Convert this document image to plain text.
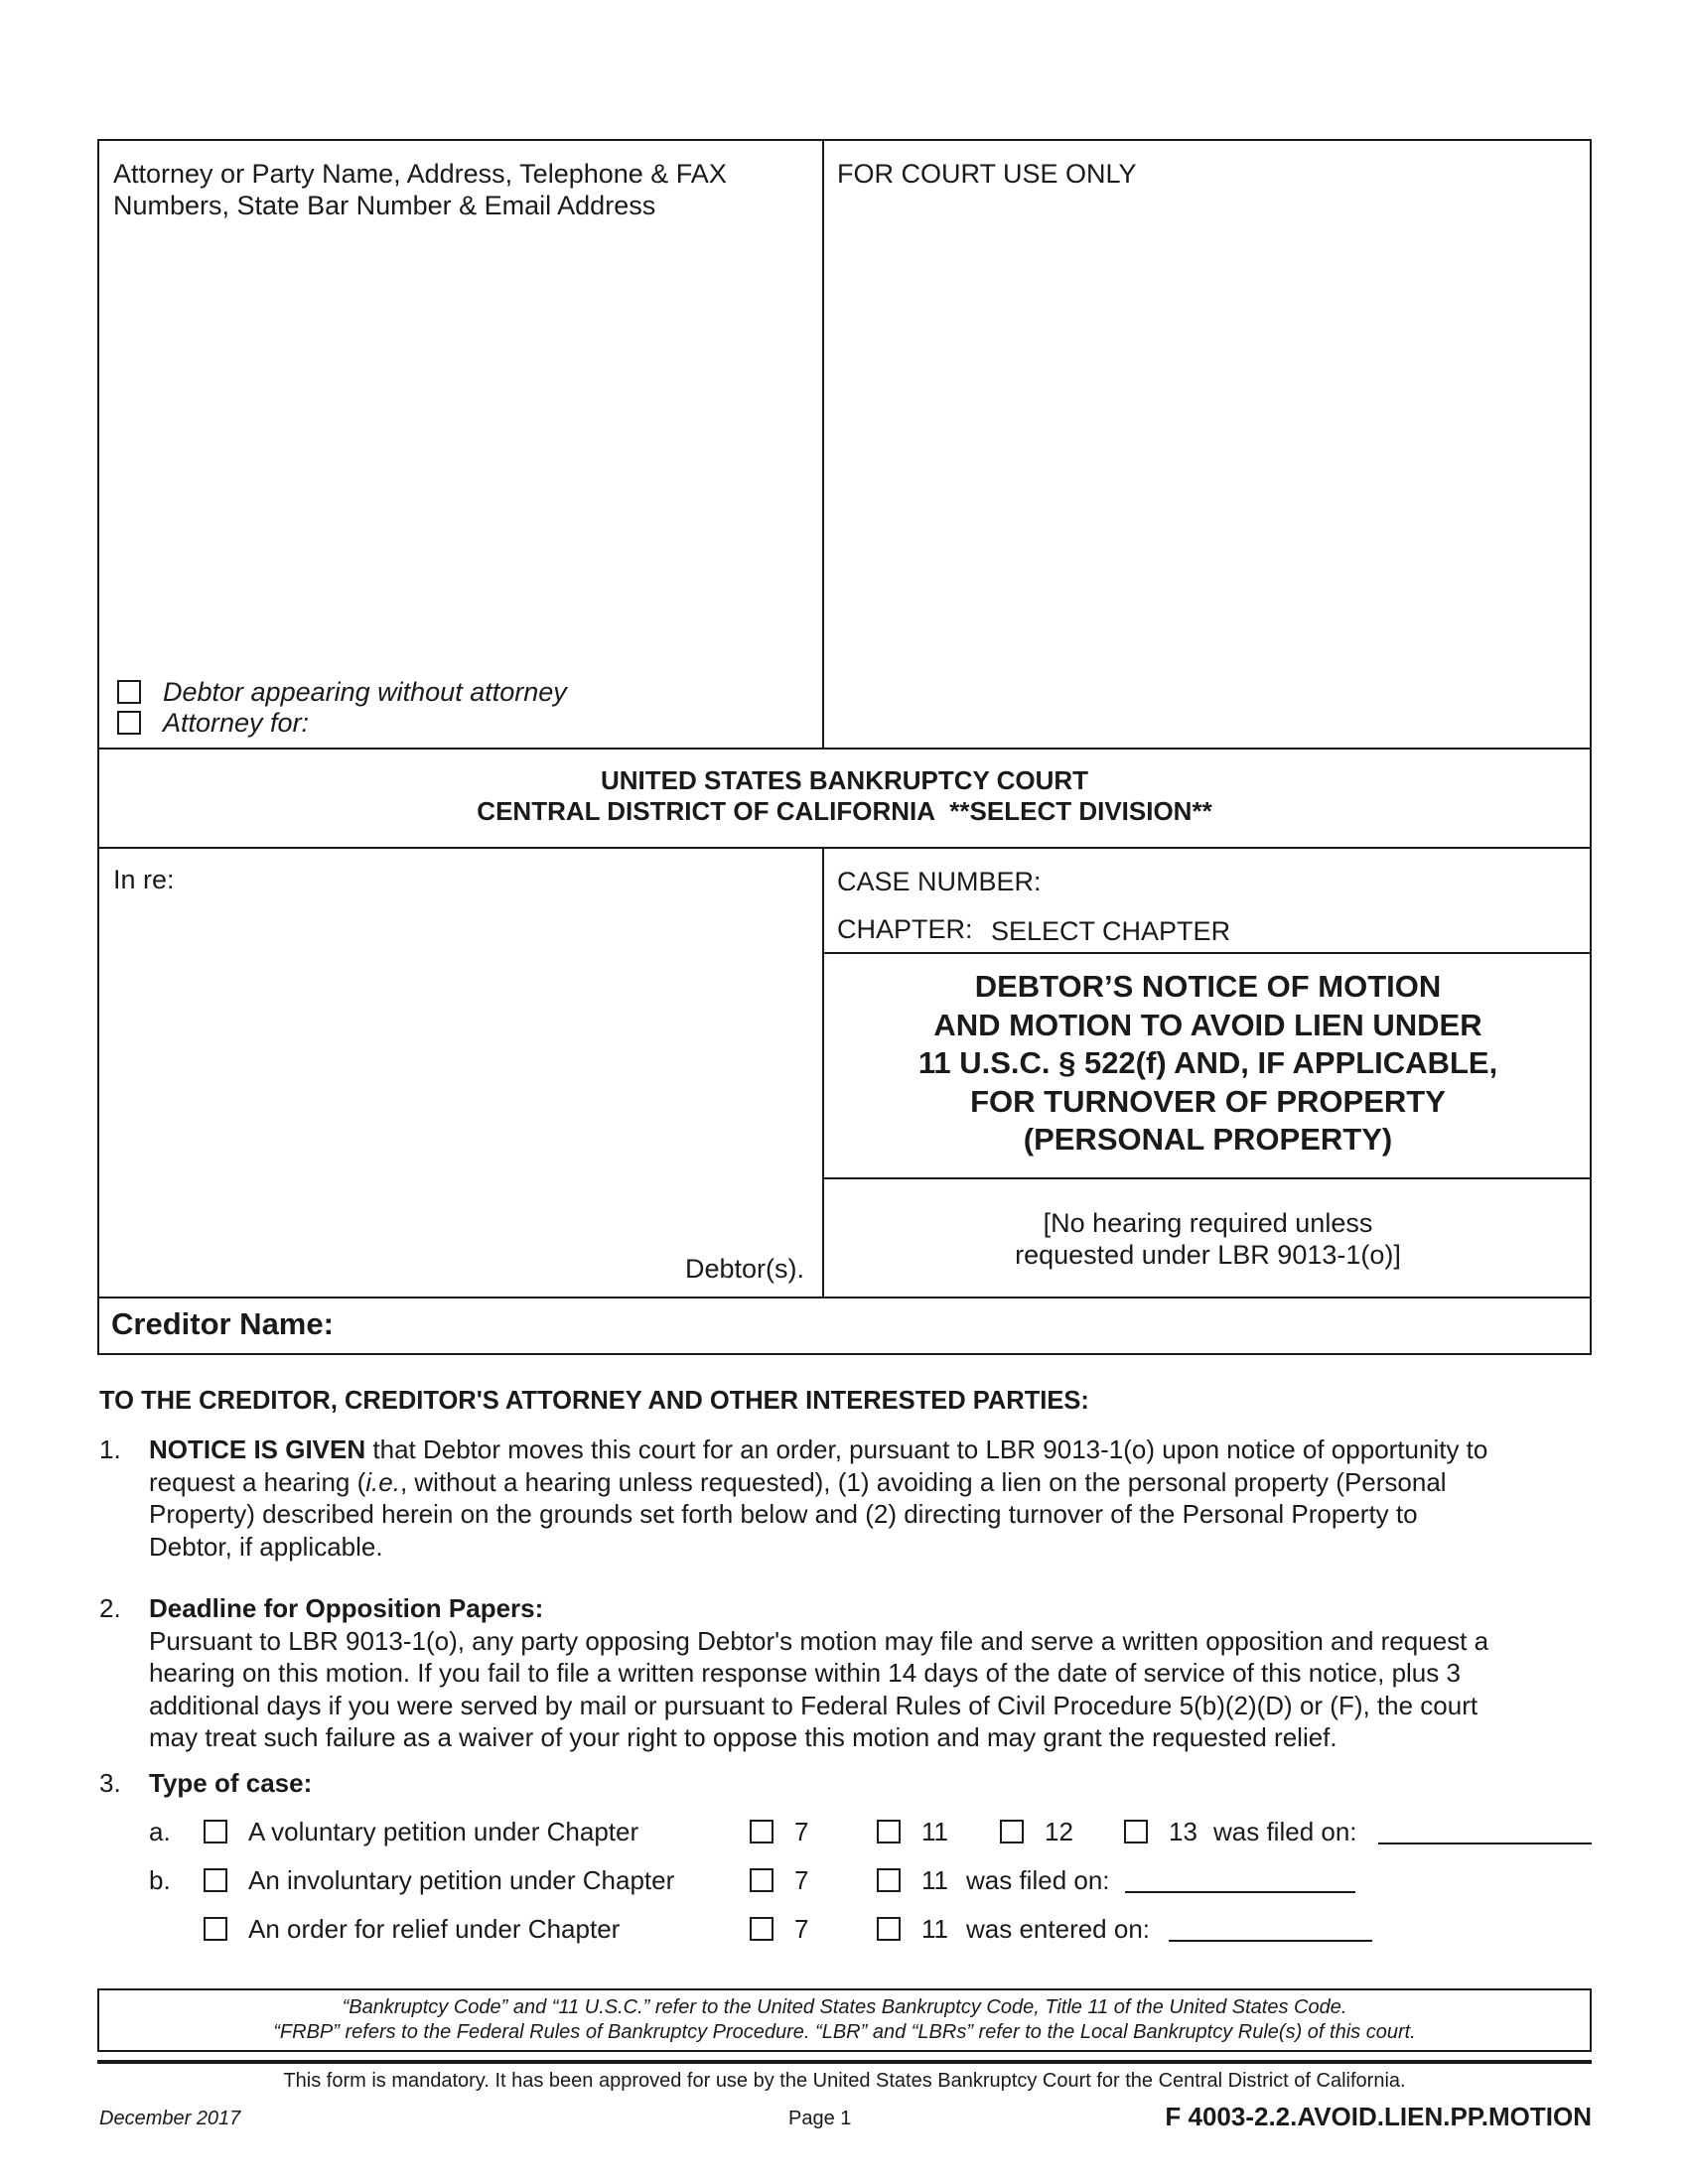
Attorney or Party Name, Address, Telephone & FAX
Numbers, State Bar Number & Email Address
FOR COURT USE ONLY
Debtor appearing without attorney
Attorney for:
UNITED STATES BANKRUPTCY COURT
CENTRAL DISTRICT OF CALIFORNIA **SELECT DIVISION**
In re:
Debtor(s).
CASE NUMBER:
CHAPTER: SELECT CHAPTER
DEBTOR’S NOTICE OF MOTION
AND MOTION TO AVOID LIEN UNDER
11 U.S.C. § 522(f) AND, IF APPLICABLE,
FOR TURNOVER OF PROPERTY
(PERSONAL PROPERTY)
[No hearing required unless
requested under LBR 9013-1(o)]
Creditor Name:
TO THE CREDITOR, CREDITOR'S ATTORNEY AND OTHER INTERESTED PARTIES:
1. NOTICE IS GIVEN that Debtor moves this court for an order, pursuant to LBR 9013-1(o) upon notice of opportunity to
request a hearing (i.e., without a hearing unless requested), (1) avoiding a lien on the personal property (Personal
Property) described herein on the grounds set forth below and (2) directing turnover of the Personal Property to
Debtor, if applicable.
2. Deadline for Opposition Papers:
Pursuant to LBR 9013-1(o), any party opposing Debtor's motion may file and serve a written opposition and request a
hearing on this motion. If you fail to file a written response within 14 days of the date of service of this notice, plus 3
additional days if you were served by mail or pursuant to Federal Rules of Civil Procedure 5(b)(2)(D) or (F), the court
may treat such failure as a waiver of your right to oppose this motion and may grant the requested relief.
3. Type of case:
a.	A voluntary petition under Chapter	7	11	12	13 was filed on:
b.	An involuntary petition under Chapter	7	11 was filed on:
An order for relief under Chapter	7	11 was entered on:
“Bankruptcy Code” and “11 U.S.C.” refer to the United States Bankruptcy Code, Title 11 of the United States Code.
“FRBP” refers to the Federal Rules of Bankruptcy Procedure. “LBR” and “LBRs” refer to the Local Bankruptcy Rule(s) of this court.
This form is mandatory. It has been approved for use by the United States Bankruptcy Court for the Central District of California.
December 2017	Page 1	F 4003-2.2.AVOID.LIEN.PP.MOTION
